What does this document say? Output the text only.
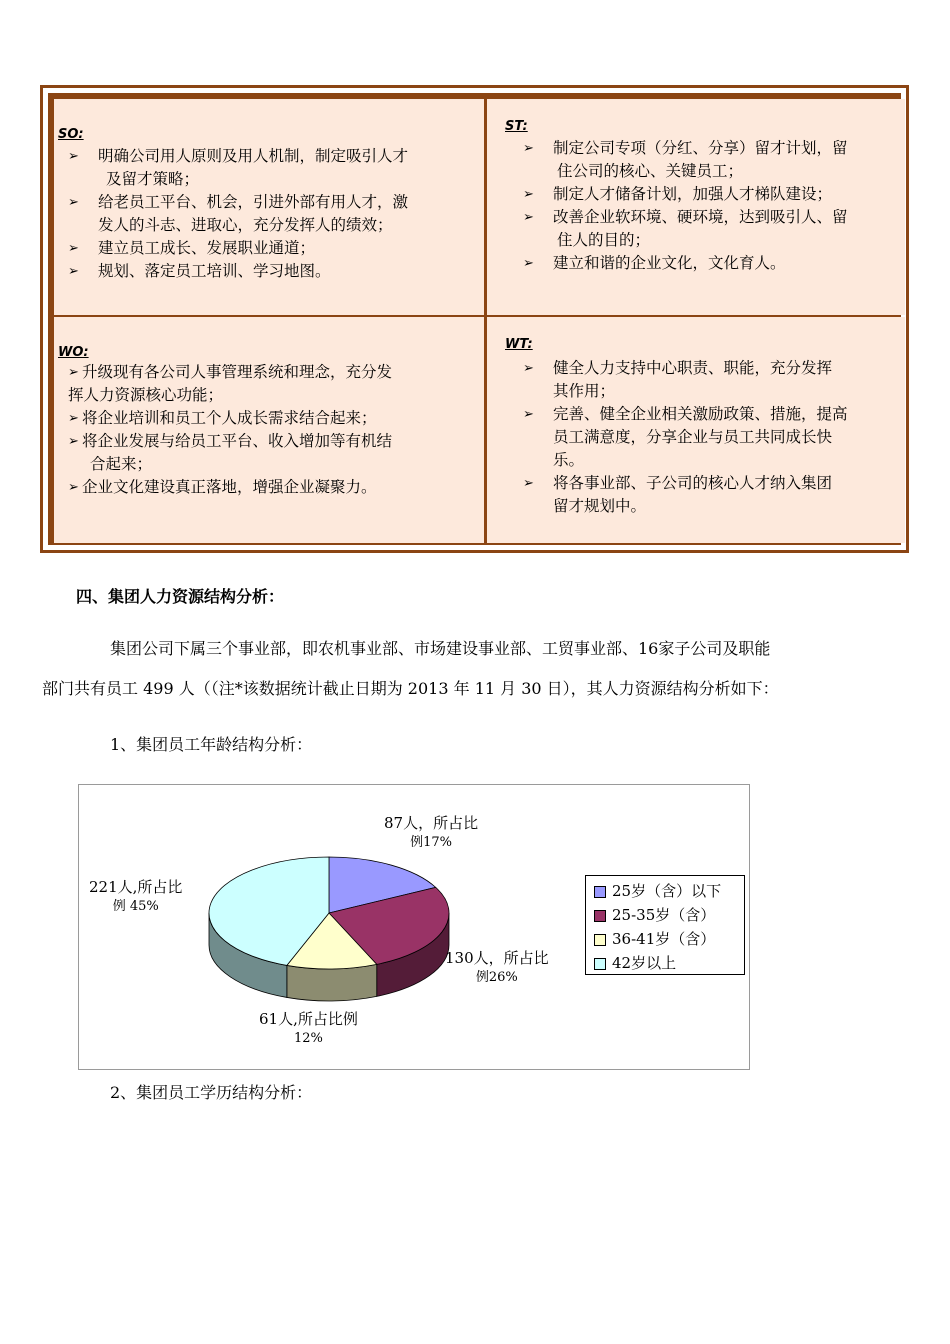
SO:
➢ 明确公司用人原则及用人机制，制定吸引人才
及留才策略；
➢ 给老员工平台、机会，引进外部有用人才，激
发人的斗志、进取心，充分发挥人的绩效；
➢ 建立员工成长、发展职业通道；
➢ 规划、落定员工培训、学习地图。
ST:
➢ 制定公司专项（分红、分享）留才计划，留
住公司的核心、关键员工；
➢ 制定人才储备计划，加强人才梯队建设；
➢ 改善企业软环境、硬环境，达到吸引人、留
住人的目的；
➢ 建立和谐的企业文化，文化育人。
WO:
➢ 升级现有各公司人事管理系统和理念，充分发
挥人力资源核心功能；
➢ 将企业培训和员工个人成长需求结合起来；
➢ 将企业发展与给员工平台、收入增加等有机结
合起来；
➢ 企业文化建设真正落地，增强企业凝聚力。
WT:
➢ 健全人力支持中心职责、职能，充分发挥
其作用；
➢ 完善、健全企业相关激励政策、措施，提高
员工满意度，分享企业与员工共同成长快
乐。
➢ 将各事业部、子公司的核心人才纳入集团
留才规划中。
四、集团人力资源结构分析：
集团公司下属三个事业部，即农机事业部、市场建设事业部、工贸事业部、16家子公司及职能
部门共有员工 499 人（（注*该数据统计截止日期为 2013 年 11 月 30 日），其人力资源结构分析如下：
1、集团员工年龄结构分析：
87人，所占比
例17%
130人，所占比
例26%
61人,所占比例
12%
221人,所占比
例 45%
25岁（含）以下
25-35岁（含）
36-41岁（含）
42岁以上
2、集团员工学历结构分析：
